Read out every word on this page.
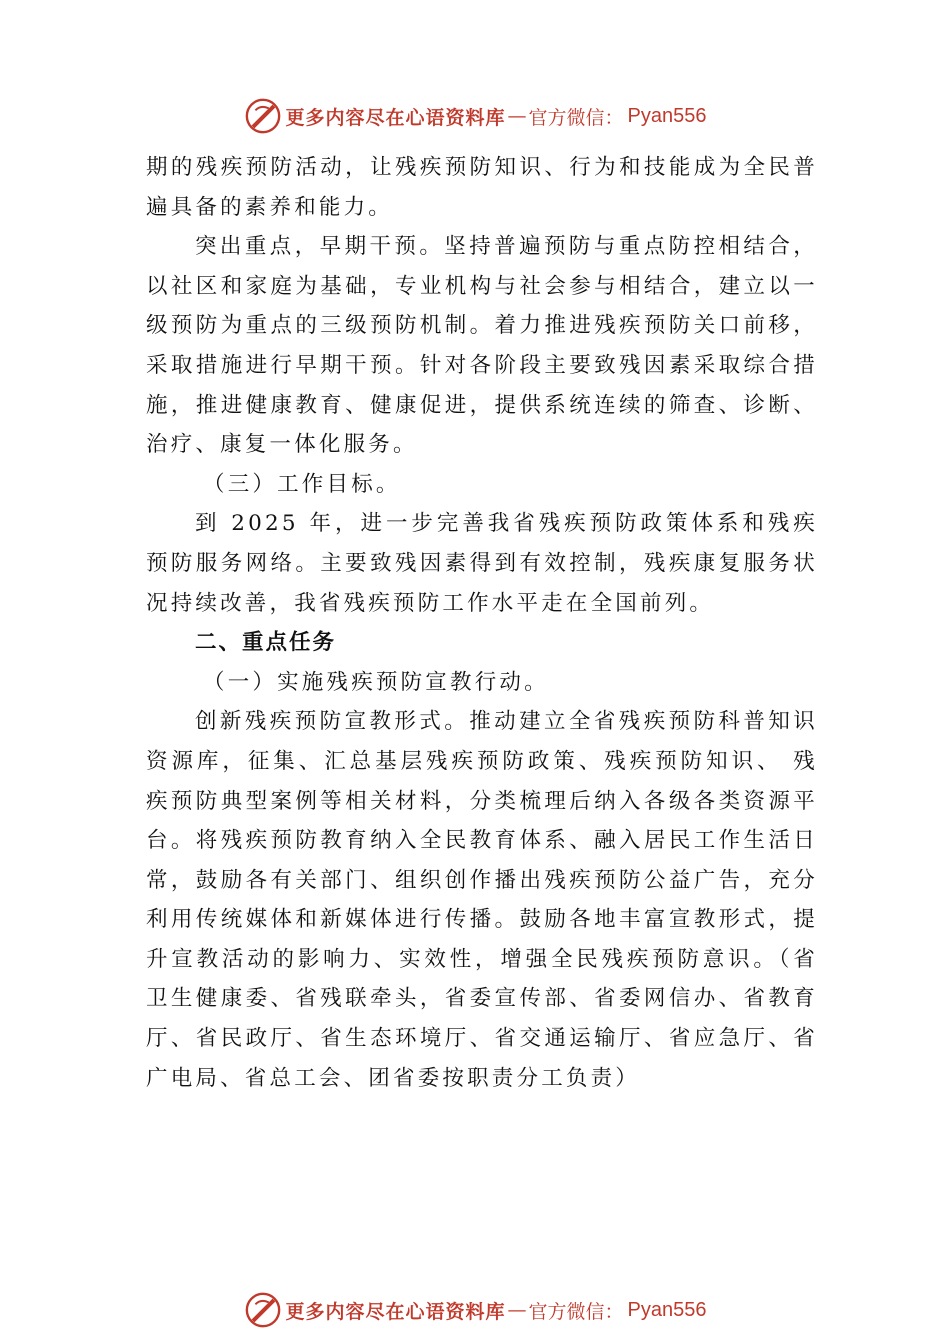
更多内容尽在心语资料库 — 官方微信： Pyan556

期的残疾预防活动，让残疾预防知识、行为和技能成为全民普遍具备的素养和能力。

突出重点，早期干预。坚持普遍预防与重点防控相结合，以社区和家庭为基础，专业机构与社会参与相结合，建立以一级预防为重点的三级预防机制。着力推进残疾预防关口前移，采取措施进行早期干预。针对各阶段主要致残因素采取综合措施，推进健康教育、健康促进，提供系统连续的筛查、诊断、治疗、康复一体化服务。

（三）工作目标。

到 2025 年，进一步完善我省残疾预防政策体系和残疾预防服务网络。主要致残因素得到有效控制，残疾康复服务状况持续改善，我省残疾预防工作水平走在全国前列。

二、重点任务

（一）实施残疾预防宣教行动。

创新残疾预防宣教形式。推动建立全省残疾预防科普知识资源库，征集、汇总基层残疾预防政策、残疾预防知识、 残疾预防典型案例等相关材料，分类梳理后纳入各级各类资源平台。将残疾预防教育纳入全民教育体系、融入居民工作生活日常，鼓励各有关部门、组织创作播出残疾预防公益广告，充分利用传统媒体和新媒体进行传播。鼓励各地丰富宣教形式，提升宣教活动的影响力、实效性，增强全民残疾预防意识。（省卫生健康委、省残联牵头，省委宣传部、省委网信办、省教育厅、省民政厅、省生态环境厅、省交通运输厅、省应急厅、省广电局、省总工会、团省委按职责分工负责）

更多内容尽在心语资料库 — 官方微信： Pyan556
